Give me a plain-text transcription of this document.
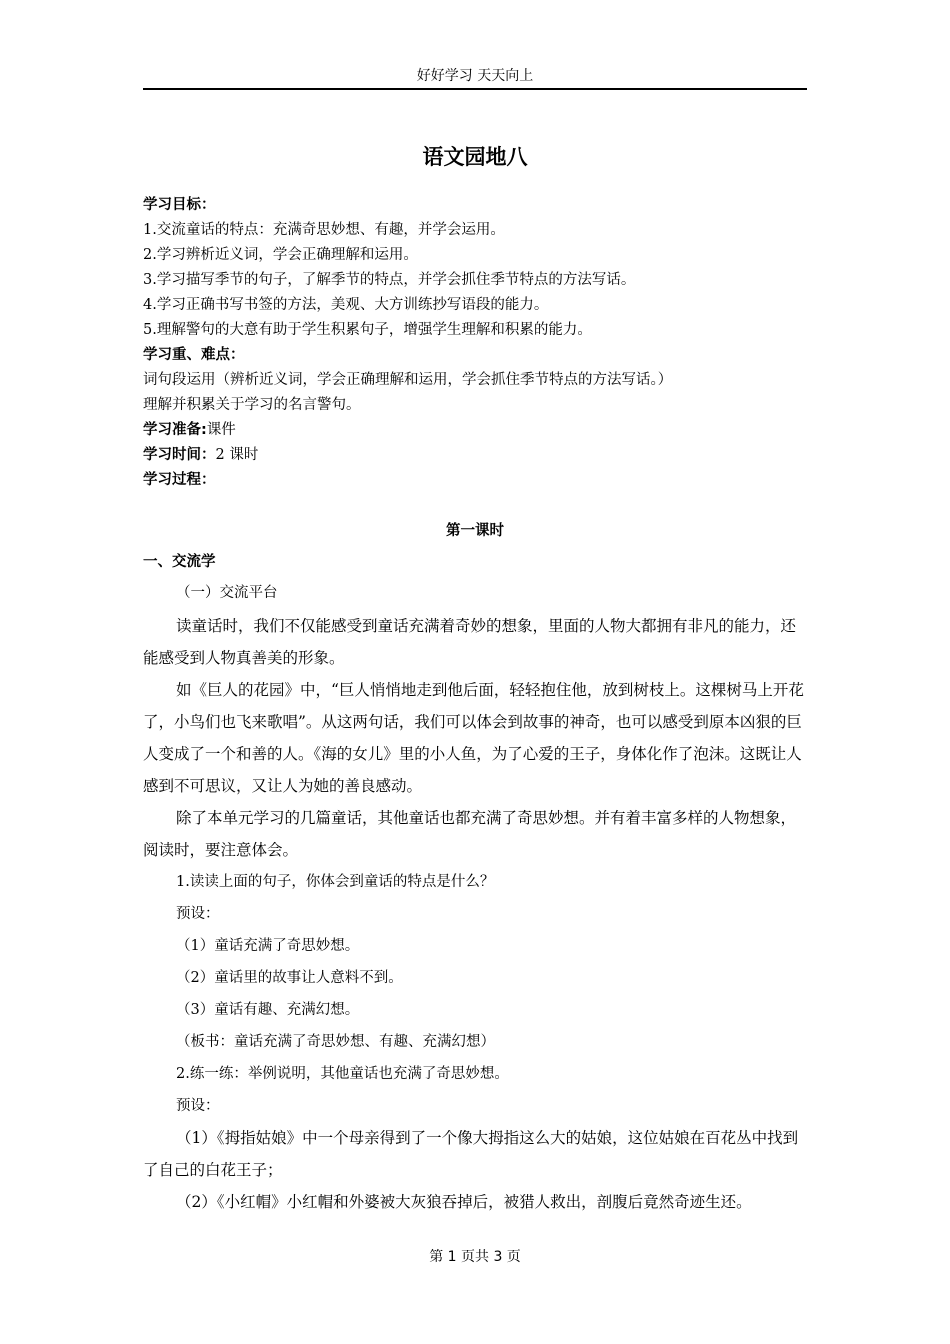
好好学习 天天向上
语文园地八
学习目标：
1.交流童话的特点：充满奇思妙想、有趣，并学会运用。
2.学习辨析近义词，学会正确理解和运用。
3.学习描写季节的句子，了解季节的特点，并学会抓住季节特点的方法写话。
4.学习正确书写书签的方法，美观、大方训练抄写语段的能力。
5.理解警句的大意有助于学生积累句子，增强学生理解和积累的能力。
学习重、难点：
词句段运用（辨析近义词，学会正确理解和运用，学会抓住季节特点的方法写话。）
理解并积累关于学习的名言警句。
学习准备:课件
学习时间：2 课时
学习过程：
第一课时
一、交流学
（一）交流平台
读童话时，我们不仅能感受到童话充满着奇妙的想象，里面的人物大都拥有非凡的能力，还能感受到人物真善美的形象。
如《巨人的花园》中，“巨人悄悄地走到他后面，轻轻抱住他，放到树枝上。这棵树马上开花了，小鸟们也飞来歌唱”。从这两句话，我们可以体会到故事的神奇，也可以感受到原本凶狠的巨人变成了一个和善的人。《海的女儿》里的小人鱼，为了心爱的王子，身体化作了泡沫。这既让人感到不可思议，又让人为她的善良感动。
除了本单元学习的几篇童话，其他童话也都充满了奇思妙想。并有着丰富多样的人物想象，阅读时，要注意体会。
1.读读上面的句子，你体会到童话的特点是什么？
预设：
（1）童话充满了奇思妙想。
（2）童话里的故事让人意料不到。
（3）童话有趣、充满幻想。
（板书：童话充满了奇思妙想、有趣、充满幻想）
2.练一练：举例说明，其他童话也充满了奇思妙想。
预设：
（1）《拇指姑娘》中一个母亲得到了一个像大拇指这么大的姑娘，这位姑娘在百花丛中找到了自己的白花王子；
（2）《小红帽》小红帽和外婆被大灰狼吞掉后，被猎人救出，剖腹后竟然奇迹生还。
第 1 页共 3 页
